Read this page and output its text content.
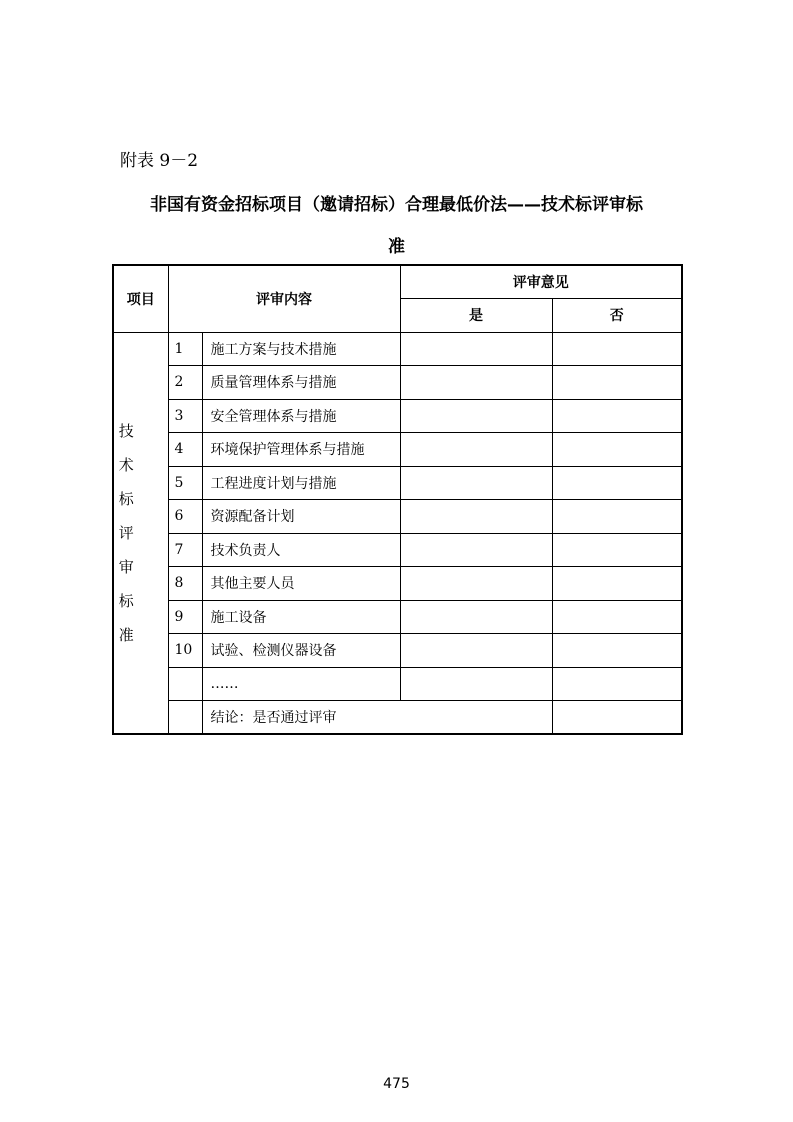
附表 9－2
非国有资金招标项目（邀请招标）合理最低价法——技术标评审标
准
项目	评审内容		评审意见	
			是	否

技 术
标 评
审
标
准	1	施工方案与技术措施		
	2	质量管理体系与措施		
	3	安全管理体系与措施		
	4	环境保护管理体系与措施		
	5	工程进度计划与措施		
	6	资源配备计划		
	7	技术负责人		
	8	其他主要人员		
	9	施工设备		
	10	试验、检测仪器设备		
		……		
		结论：是否通过评审		
475
